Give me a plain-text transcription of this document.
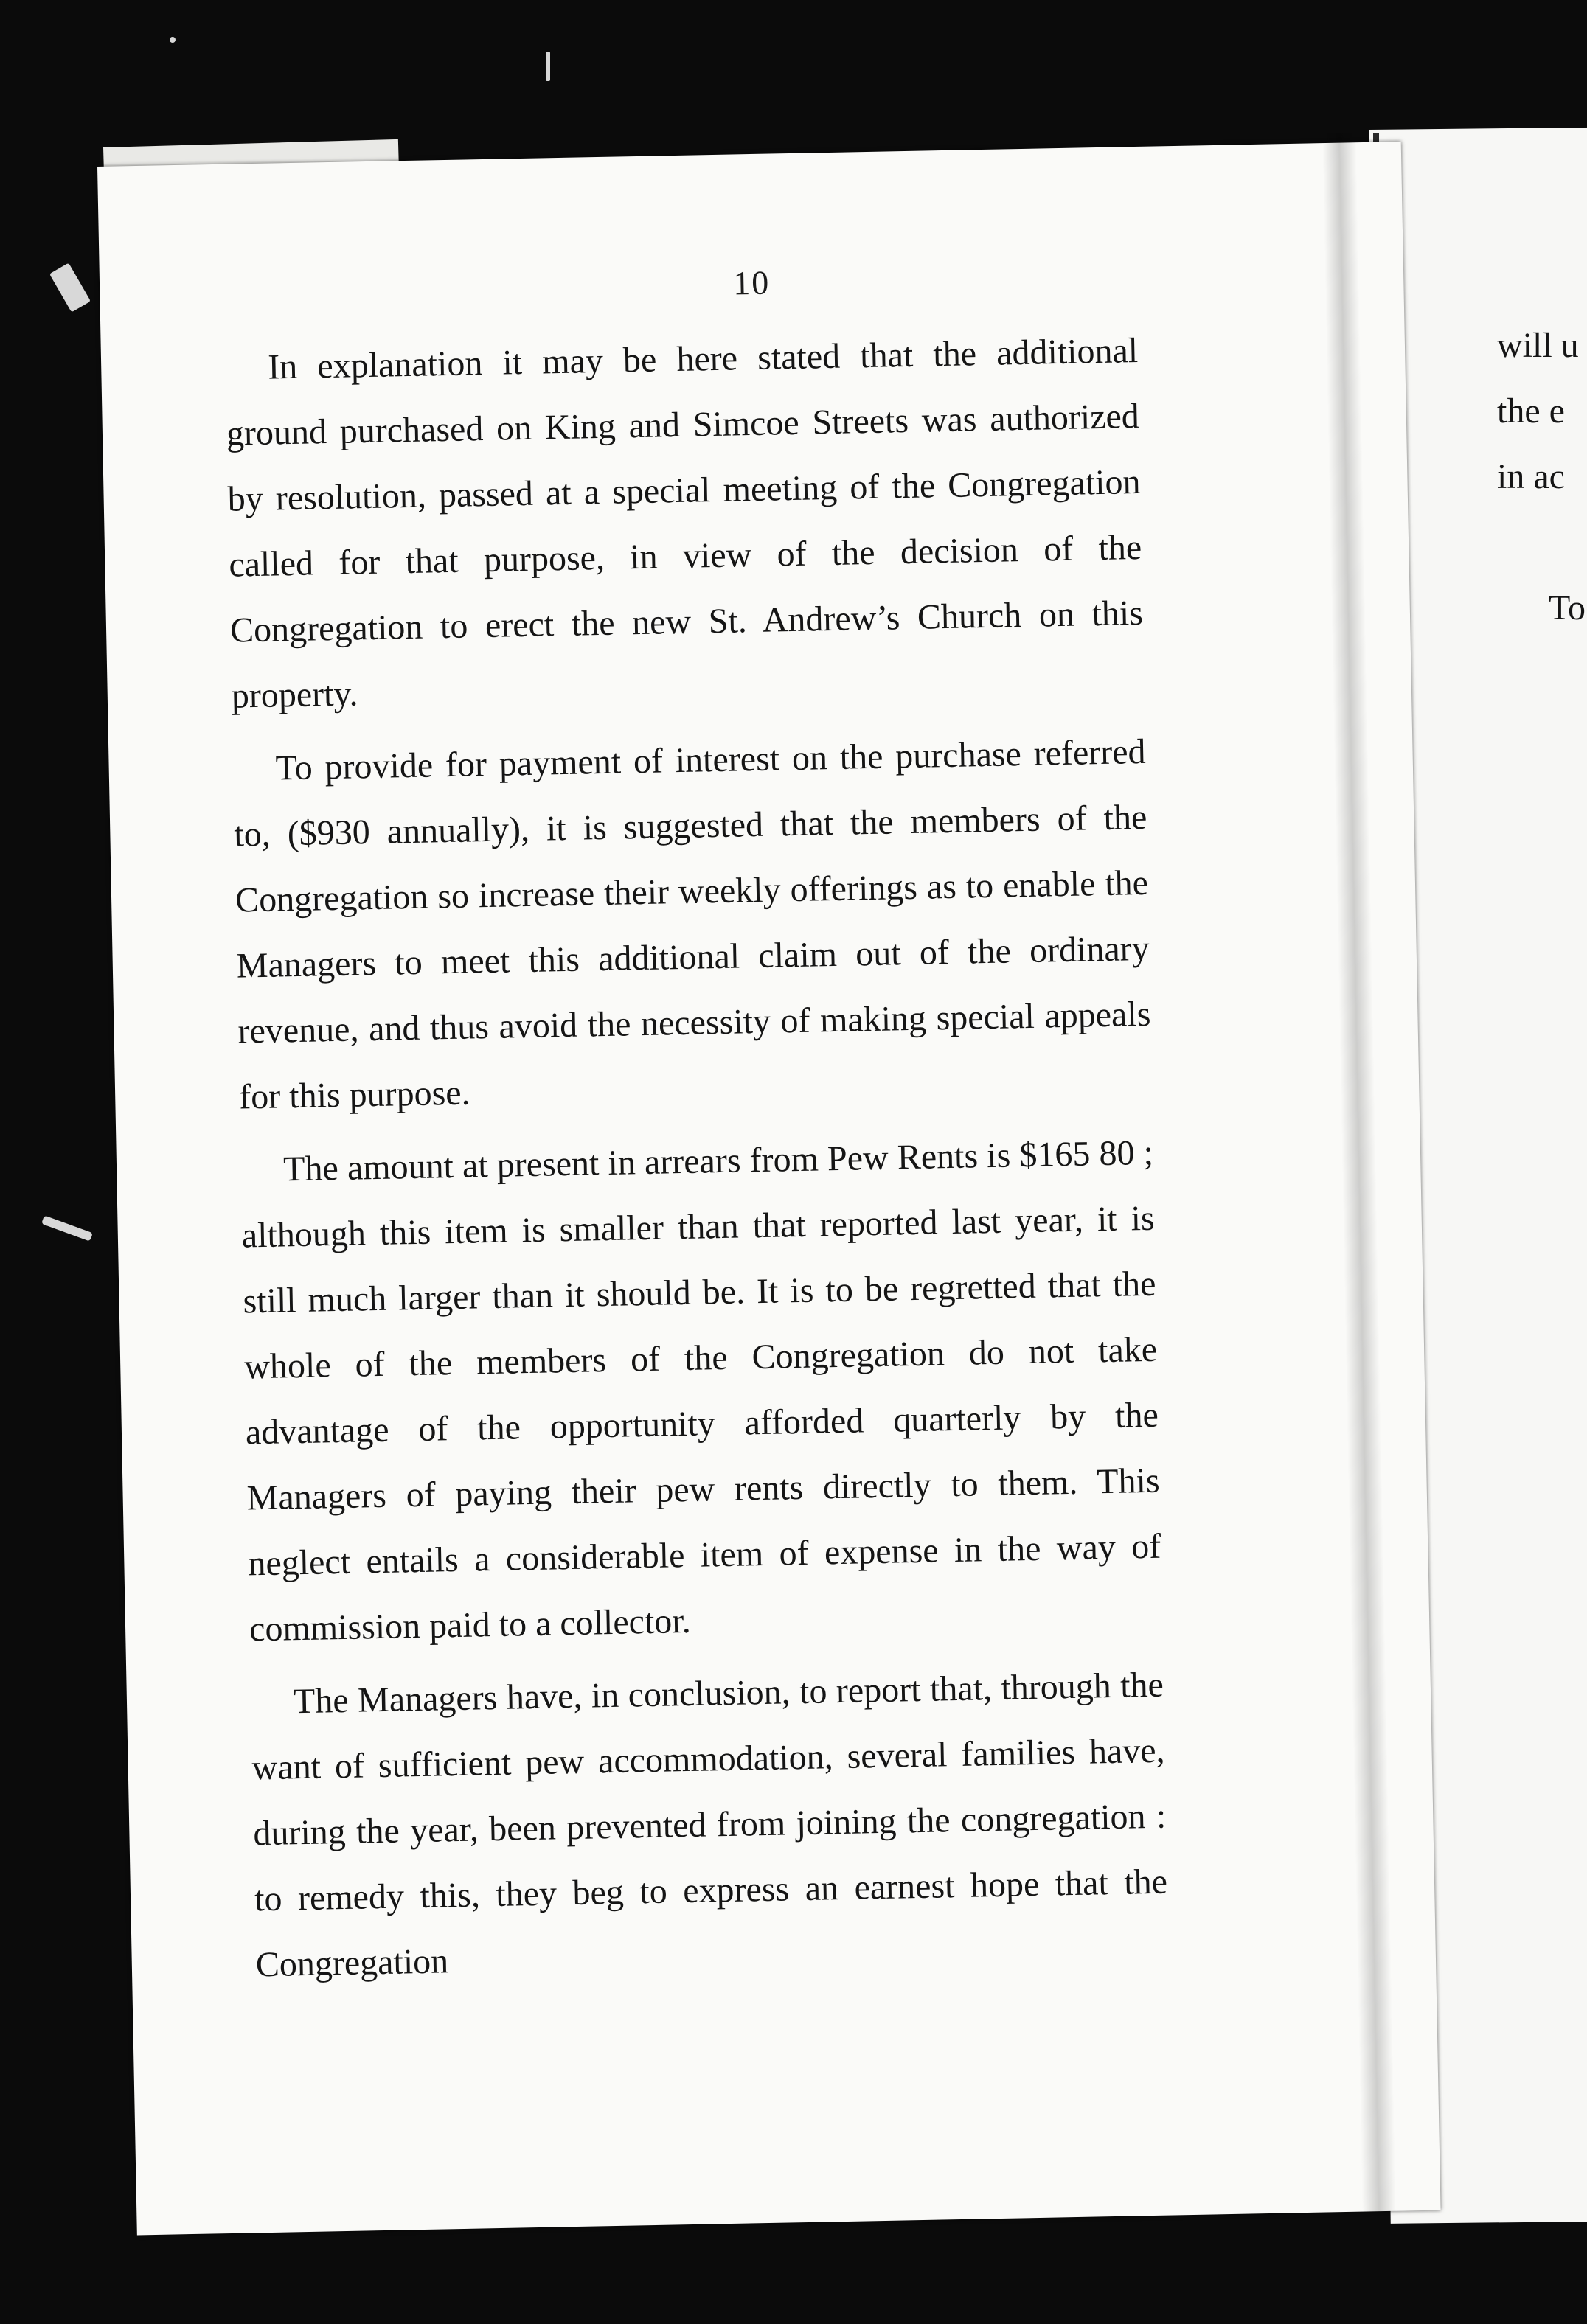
will u
the e
in ac
To
10

In explanation it may be here stated that the additional ground purchased on King and Simcoe Streets was authorized by resolution, passed at a special meeting of the Congregation called for that purpose, in view of the decision of the Congregation to erect the new St. Andrew’s Church on this property.

To provide for payment of interest on the purchase referred to, ($930 annually), it is suggested that the members of the Congregation so increase their weekly offerings as to enable the Managers to meet this additional claim out of the ordinary revenue, and thus avoid the necessity of making special appeals for this purpose.

The amount at present in arrears from Pew Rents is $165 80 ; although this item is smaller than that reported last year, it is still much larger than it should be. It is to be regretted that the whole of the members of the Congregation do not take advantage of the opportunity afforded quarterly by the Managers of paying their pew rents directly to them. This neglect entails a considerable item of expense in the way of commission paid to a collector.

The Managers have, in conclusion, to report that, through the want of sufficient pew accommodation, several families have, during the year, been prevented from joining the congregation : to remedy this, they beg to express an earnest hope that the Congregation
